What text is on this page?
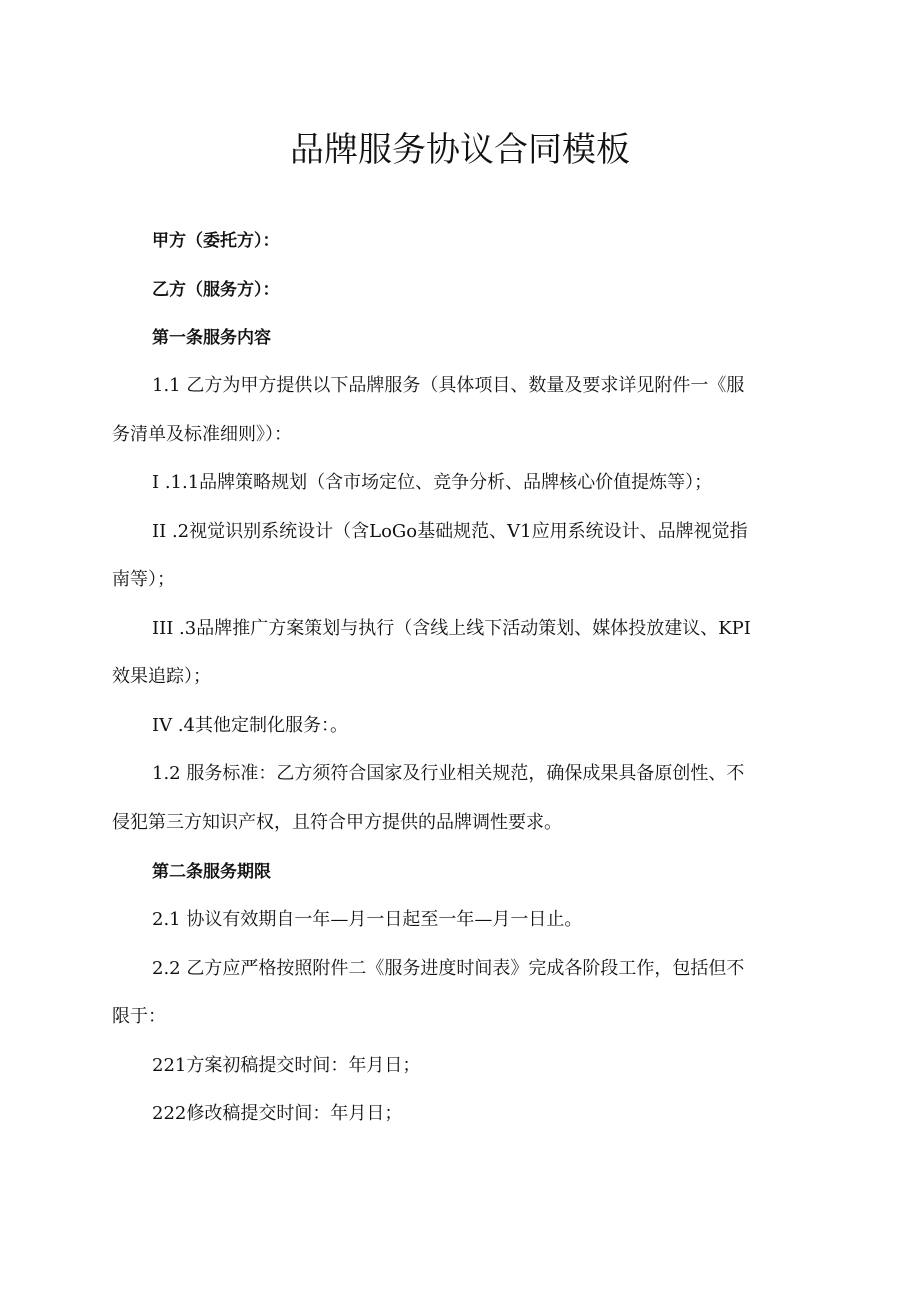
品牌服务协议合同模板

甲方（委托方）：

乙方（服务方）：

第一条服务内容

1.1 乙方为甲方提供以下品牌服务（具体项目、数量及要求详见附件一《服

务清单及标准细则》）：

I .1.1品牌策略规划（含市场定位、竞争分析、品牌核心价值提炼等）；

II .2视觉识别系统设计（含LoGo基础规范、V1应用系统设计、品牌视觉指

南等）；

III .3品牌推广方案策划与执行（含线上线下活动策划、媒体投放建议、KPI

效果追踪）；

IV .4其他定制化服务：。

1.2 服务标准：乙方须符合国家及行业相关规范，确保成果具备原创性、不

侵犯第三方知识产权，且符合甲方提供的品牌调性要求。

第二条服务期限

2.1 协议有效期自一年—月一日起至一年—月一日止。

2.2 乙方应严格按照附件二《服务进度时间表》完成各阶段工作，包括但不

限于：

221方案初稿提交时间：年月日；

222修改稿提交时间：年月日；
